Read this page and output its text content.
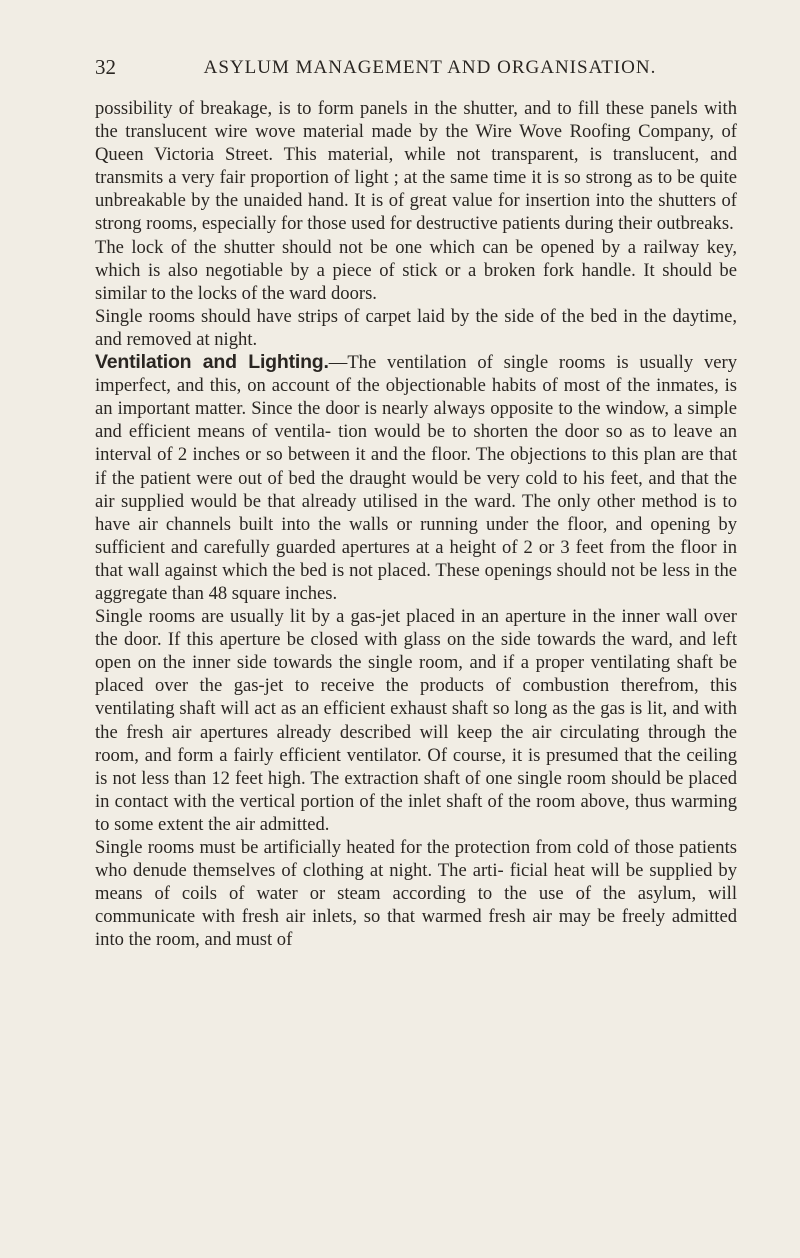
32	ASYLUM MANAGEMENT AND ORGANISATION.

possibility of breakage, is to form panels in the shutter, and to fill these panels with the translucent wire wove material made by the Wire Wove Roofing Company, of Queen Victoria Street. This material, while not transparent, is translucent, and transmits a very fair proportion of light ; at the same time it is so strong as to be quite unbreakable by the unaided hand. It is of great value for insertion into the shutters of strong rooms, especially for those used for destructive patients during their outbreaks.

The lock of the shutter should not be one which can be opened by a railway key, which is also negotiable by a piece of stick or a broken fork handle. It should be similar to the locks of the ward doors.

Single rooms should have strips of carpet laid by the side of the bed in the daytime, and removed at night.

Ventilation and Lighting.—The ventilation of single rooms is usually very imperfect, and this, on account of the objectionable habits of most of the inmates, is an important matter. Since the door is nearly always opposite to the window, a simple and efficient means of ventila- tion would be to shorten the door so as to leave an interval of 2 inches or so between it and the floor. The objections to this plan are that if the patient were out of bed the draught would be very cold to his feet, and that the air supplied would be that already utilised in the ward. The only other method is to have air channels built into the walls or running under the floor, and opening by sufficient and carefully guarded apertures at a height of 2 or 3 feet from the floor in that wall against which the bed is not placed. These openings should not be less in the aggregate than 48 square inches.

Single rooms are usually lit by a gas-jet placed in an aperture in the inner wall over the door. If this aperture be closed with glass on the side towards the ward, and left open on the inner side towards the single room, and if a proper ventilating shaft be placed over the gas-jet to receive the products of combustion therefrom, this ventilating shaft will act as an efficient exhaust shaft so long as the gas is lit, and with the fresh air apertures already described will keep the air circulating through the room, and form a fairly efficient ventilator. Of course, it is presumed that the ceiling is not less than 12 feet high. The extraction shaft of one single room should be placed in contact with the vertical portion of the inlet shaft of the room above, thus warming to some extent the air admitted.

Single rooms must be artificially heated for the protection from cold of those patients who denude themselves of clothing at night. The arti- ficial heat will be supplied by means of coils of water or steam according to the use of the asylum, will communicate with fresh air inlets, so that warmed fresh air may be freely admitted into the room, and must of
